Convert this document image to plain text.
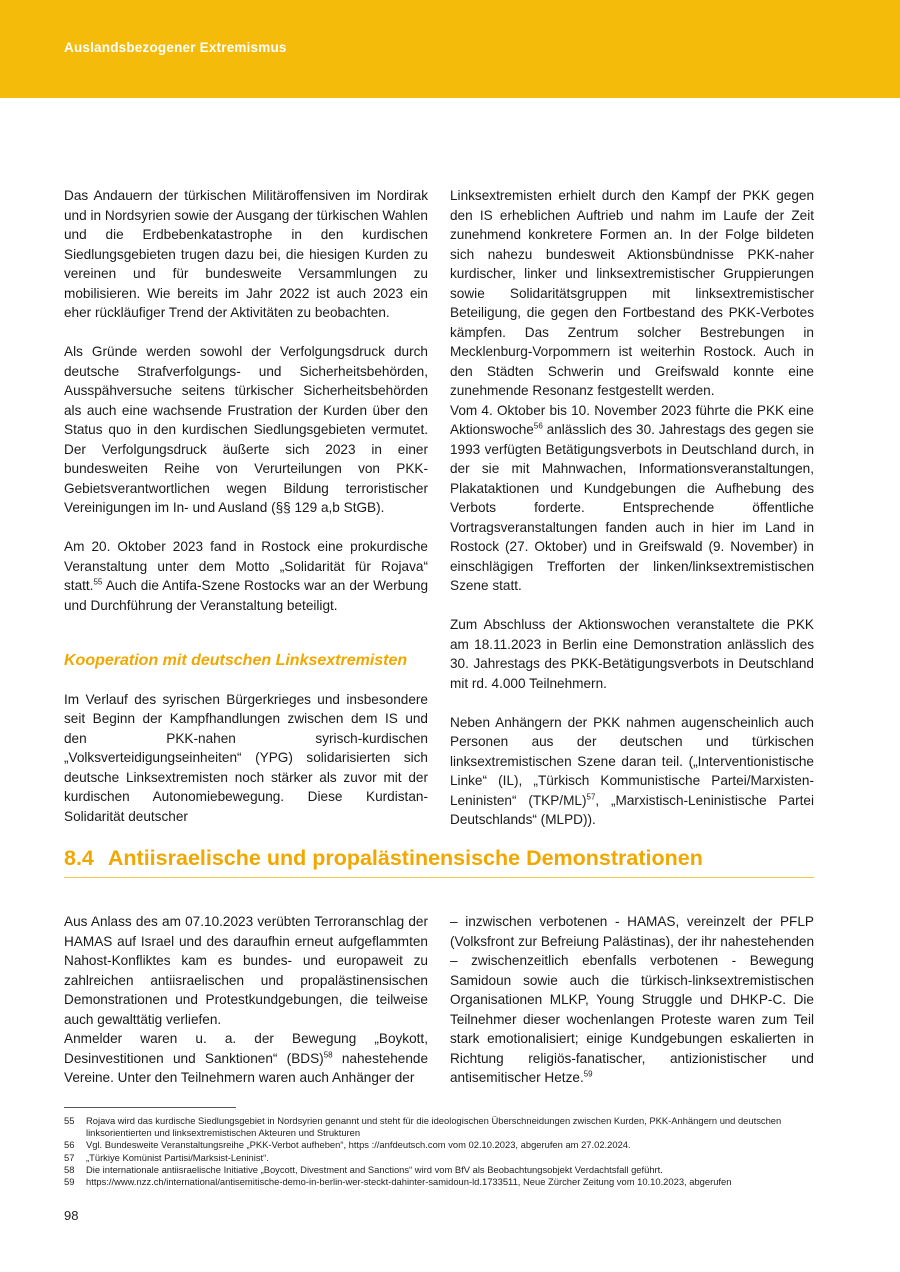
Auslandsbezogener Extremismus

Das Andauern der türkischen Militäroffensiven im Nordirak und in Nordsyrien sowie der Ausgang der türkischen Wahlen und die Erdbebenkatastrophe in den kurdischen Siedlungsgebieten trugen dazu bei, die hiesigen Kurden zu vereinen und für bundesweite Versammlungen zu mobilisieren. Wie bereits im Jahr 2022 ist auch 2023 ein eher rückläufiger Trend der Aktivitäten zu beobachten.

Als Gründe werden sowohl der Verfolgungsdruck durch deutsche Strafverfolgungs- und Sicherheitsbehörden, Ausspähversuche seitens türkischer Sicherheitsbehörden als auch eine wachsende Frustration der Kurden über den Status quo in den kurdischen Siedlungsgebieten vermutet. Der Verfolgungsdruck äußerte sich 2023 in einer bundesweiten Reihe von Verurteilungen von PKK-Gebietsverantwortlichen wegen Bildung terroristischer Vereinigungen im In- und Ausland (§§ 129 a,b StGB).

Am 20. Oktober 2023 fand in Rostock eine prokurdische Veranstaltung unter dem Motto „Solidarität für Rojava“ statt.$^{55}$ Auch die Antifa-Szene Rostocks war an der Werbung und Durchführung der Veranstaltung beteiligt.

Kooperation mit deutschen Linksextremisten

Im Verlauf des syrischen Bürgerkrieges und insbesondere seit Beginn der Kampfhandlungen zwischen dem IS und den PKK-nahen syrisch-kurdischen „Volksverteidigungseinheiten“ (YPG) solidarisierten sich deutsche Linksextremisten noch stärker als zuvor mit der kurdischen Autonomiebewegung. Diese Kurdistan-Solidarität deutscher

Linksextremisten erhielt durch den Kampf der PKK gegen den IS erheblichen Auftrieb und nahm im Laufe der Zeit zunehmend konkretere Formen an. In der Folge bildeten sich nahezu bundesweit Aktionsbündnisse PKK-naher kurdischer, linker und linksextremistischer Gruppierungen sowie Solidaritätsgruppen mit linksextremistischer Beteiligung, die gegen den Fortbestand des PKK-Verbotes kämpfen. Das Zentrum solcher Bestrebungen in Mecklenburg-Vorpommern ist weiterhin Rostock. Auch in den Städten Schwerin und Greifswald konnte eine zunehmende Resonanz festgestellt werden.

Vom 4. Oktober bis 10. November 2023 führte die PKK eine Aktionswoche$^{56}$ anlässlich des 30. Jahrestags des gegen sie 1993 verfügten Betätigungsverbots in Deutschland durch, in der sie mit Mahnwachen, Informationsveranstaltungen, Plakataktionen und Kundgebungen die Aufhebung des Verbots forderte. Entsprechende öffentliche Vortragsveranstaltungen fanden auch in hier im Land in Rostock (27. Oktober) und in Greifswald (9. November) in einschlägigen Trefforten der linken/linksextremistischen Szene statt.

Zum Abschluss der Aktionswochen veranstaltete die PKK am 18.11.2023 in Berlin eine Demonstration anlässlich des 30. Jahrestags des PKK-Betätigungsverbots in Deutschland mit rd. 4.000 Teilnehmern.

Neben Anhängern der PKK nahmen augenscheinlich auch Personen aus der deutschen und türkischen linksextremistischen Szene daran teil. („Interventionistische Linke“ (IL), „Türkisch Kommunistische Partei/Marxisten-Leninisten“ $(TKP/ML)^{57}$, „Marxistisch-Leninistische Partei Deutschlands“ (MLPD)).

8.4 Antiisraelische und propalästinensische Demonstrationen

Aus Anlass des am 07.10.2023 verübten Terroranschlag der HAMAS auf Israel und des daraufhin erneut aufgeflammten Nahost-Konfliktes kam es bundes- und europaweit zu zahlreichen antiisraelischen und propalästinensischen Demonstrationen und Protestkundgebungen, die teilweise auch gewalttätig verliefen.

Anmelder waren u. a. der Bewegung „Boykott, Desinvestitionen und Sanktionen“ (BDS)$^{58}$ nahestehende Vereine. Unter den Teilnehmern waren auch Anhänger der

– inzwischen verbotenen - HAMAS, vereinzelt der PFLP (Volksfront zur Befreiung Palästinas), der ihr nahestehenden – zwischenzeitlich ebenfalls verbotenen - Bewegung Samidoun sowie auch die türkisch-linksextremistischen Organisationen MLKP, Young Struggle und DHKP-C. Die Teilnehmer dieser wochenlangen Proteste waren zum Teil stark emotionalisiert; einige Kundgebungen eskalierten in Richtung religiös-fanatischer, antizionistischer und antisemitischer Hetze.$^{59}$

55	Rojava wird das kurdische Siedlungsgebiet in Nordsyrien genannt und steht für die ideologischen Überschneidungen zwischen Kurden, PKK-Anhängern und deutschen linksorientierten und linksextremistischen Akteuren und Strukturen
56	Vgl. Bundesweite Veranstaltungsreihe „PKK-Verbot aufheben“, https ://anfdeutsch.com vom 02.10.2023, abgerufen am 27.02.2024.
57	„Türkiye Komünist Partisi/Marksist-Leninist“.
58	Die internationale antiisraelische Initiative „Boycott, Divestment and Sanctions“ wird vom BfV als Beobachtungsobjekt Verdachtsfall geführt.
59	https://www.nzz.ch/international/antisemitische-demo-in-berlin-wer-steckt-dahinter-samidoun-ld.1733511, Neue Zürcher Zeitung vom 10.10.2023, abgerufen
98
